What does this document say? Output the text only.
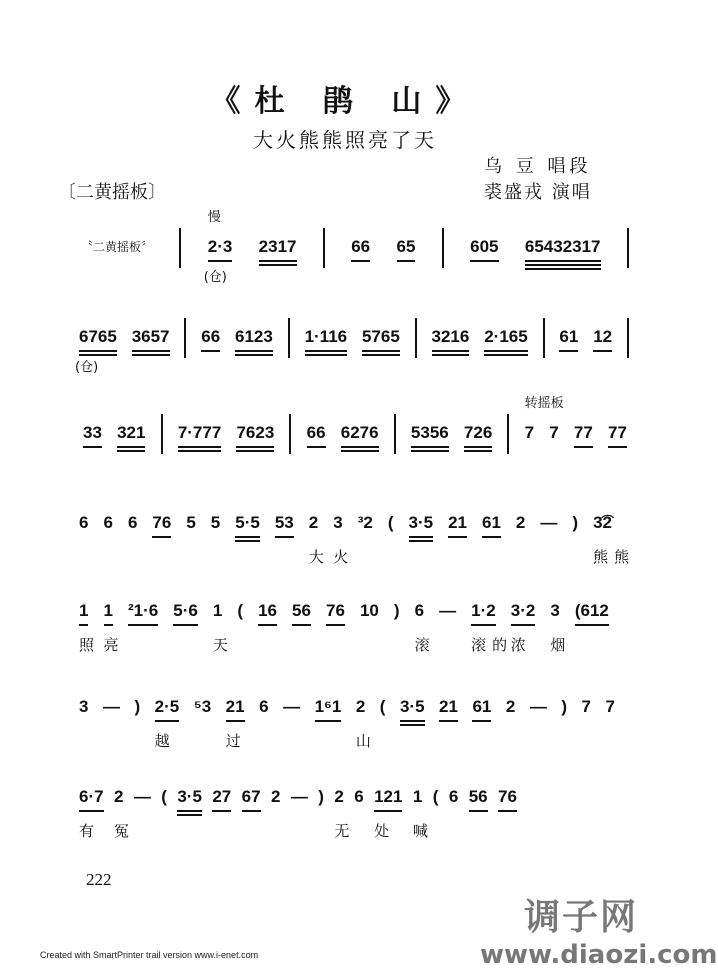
《杜 鹃 山》
大火熊熊照亮了天
乌 豆 唱段
裘盛戎 演唱
〔二黄摇板〕
〝二黄摇板〞	2·3
慢
(仓)
2317	66 65	605 65432317
6765
(仓)
3657 66 6123 1·116 5765 3216 2·165 61 12
33 321 7·777 7623 66 6276 5356 726 7
转摇板
7 77 77
6 6 6 76 5 5 5·5 53 2
大
3
火
³2 ( 3·5 21 61 2 — ) 3͡2
熊熊
1
照
1
亮
²1·6 5·6 1
天
( 16 56 76 10 ) 6
滚
— 1·2
滚的
3·2
浓
3
烟
(612
3 — ) 2·5
越
⁵3 21
过
6 — 1⁶1 2
山
( 3·5 21 61 2 — ) 7 7
6·7
有
2
冤
— ( 3·5 27 67 2 — ) 2
无
6 121
处
1
喊
( 6 56 76
222
Created with SmartPrinter trail version www.i-enet.com
调子网
www.diaozi.com
